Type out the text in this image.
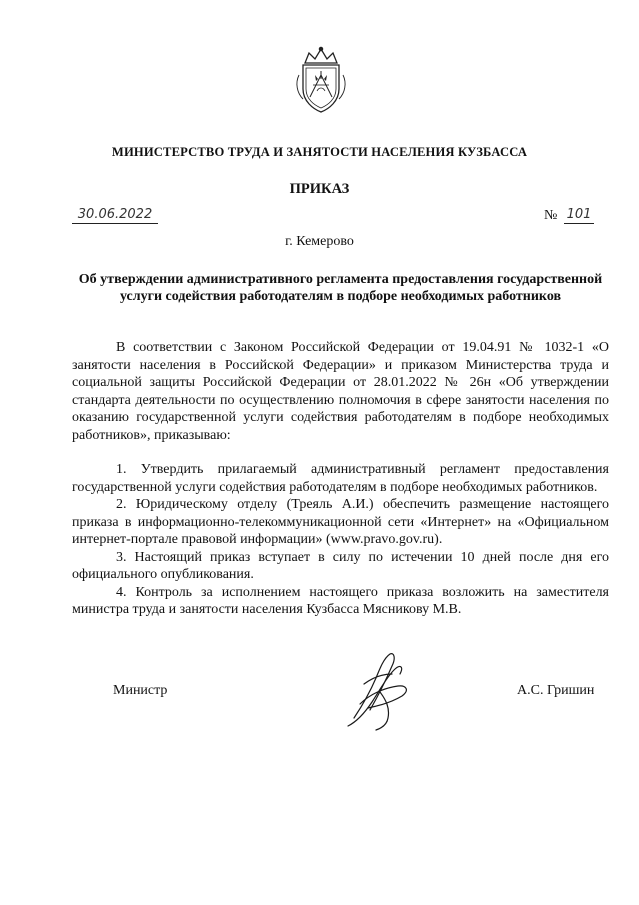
МИНИСТЕРСТВО ТРУДА И ЗАНЯТОСТИ НАСЕЛЕНИЯ КУЗБАССА
ПРИКАЗ
30.06.2022	№ 101
г. Кемерово
Об утверждении административного регламента предоставления государственной услуги содействия работодателям в подборе необходимых работников

В соответствии с Законом Российской Федерации от 19.04.91 № 1032-1 «О занятости населения в Российской Федерации» и приказом Министерства труда и социальной защиты Российской Федерации от 28.01.2022 № 26н «Об утверждении стандарта деятельности по осуществлению полномочия в сфере занятости населения по оказанию государственной услуги содействия работодателям в подборе необходимых работников», приказываю:

1. Утвердить прилагаемый административный регламент предоставления государственной услуги содействия работодателям в подборе необходимых работников.

2. Юридическому отделу (Треяль А.И.) обеспечить размещение настоящего приказа в информационно-телекоммуникационной сети «Интернет» на «Официальном интернет-портале правовой информации» (www.pravo.gov.ru).

3. Настоящий приказ вступает в силу по истечении 10 дней после дня его официального опубликования.

4. Контроль за исполнением настоящего приказа возложить на заместителя министра труда и занятости населения Кузбасса Мясникову М.В.

Министр	А.С. Гришин
